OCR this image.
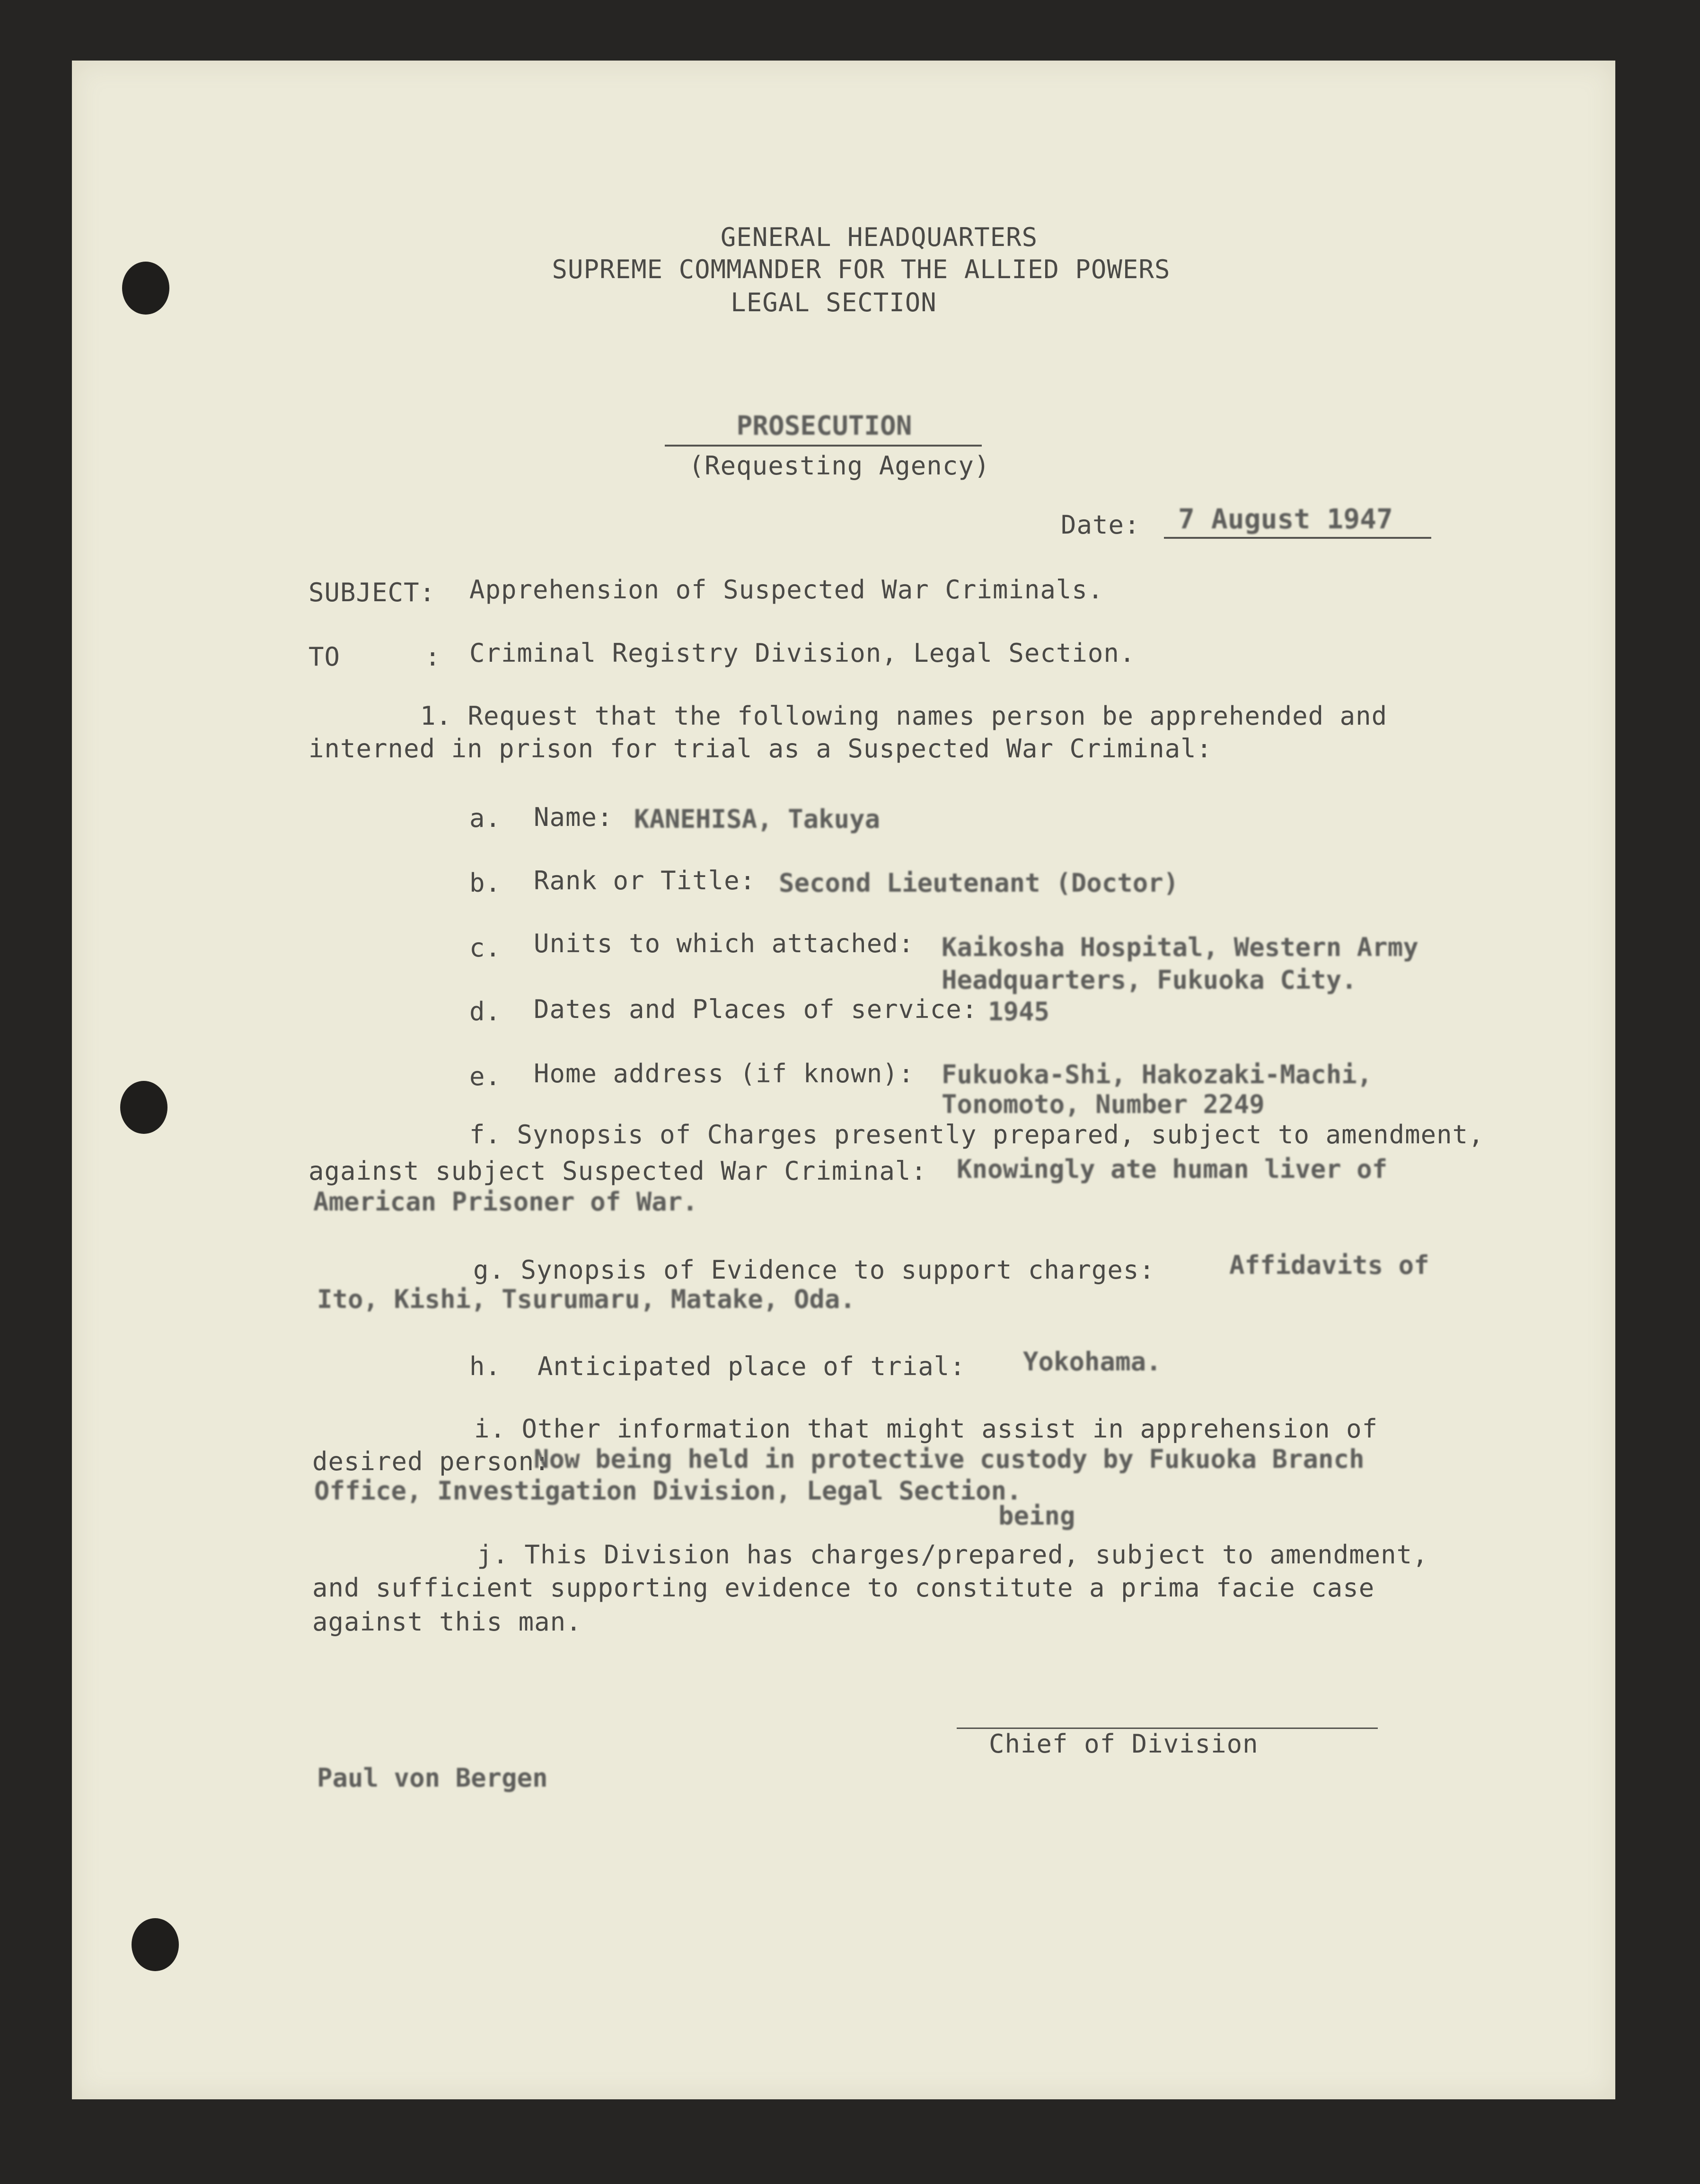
GENERAL HEADQUARTERS
SUPREME COMMANDER FOR THE ALLIED POWERS
LEGAL SECTION
PROSECUTION
(Requesting Agency)
Date: 7 August 1947
SUBJECT: Apprehension of Suspected War Criminals.
TO	: Criminal Registry Division, Legal Section.
1. Request that the following names person be apprehended and
interned in prison for trial as a Suspected War Criminal:
a. Name: KANEHISA, Takuya
b. Rank or Title: Second Lieutenant (Doctor)
c. Units to which attached: Kaikosha Hospital, Western Army
Headquarters, Fukuoka City.
d. Dates and Places of service: 1945
e. Home address (if known): Fukuoka-Shi, Hakozaki-Machi,
Tonomoto, Number 2249
f. Synopsis of Charges presently prepared, subject to amendment,
against subject Suspected War Criminal: Knowingly ate human liver of
American Prisoner of War.
g. Synopsis of Evidence to support charges:	Affidavits of
Ito, Kishi, Tsurumaru, Matake, Oda.
h. Anticipated place of trial: Yokohama.
i. Other information that might assist in apprehension of
desired person:
Now being held in protective custody by Fukuoka Branch
Office, Investigation Division, Legal Section.
being
j. This Division has charges/prepared, subject to amendment,
and sufficient supporting evidence to constitute a prima facie case
against this man.
Chief of Division
Paul von Bergen
